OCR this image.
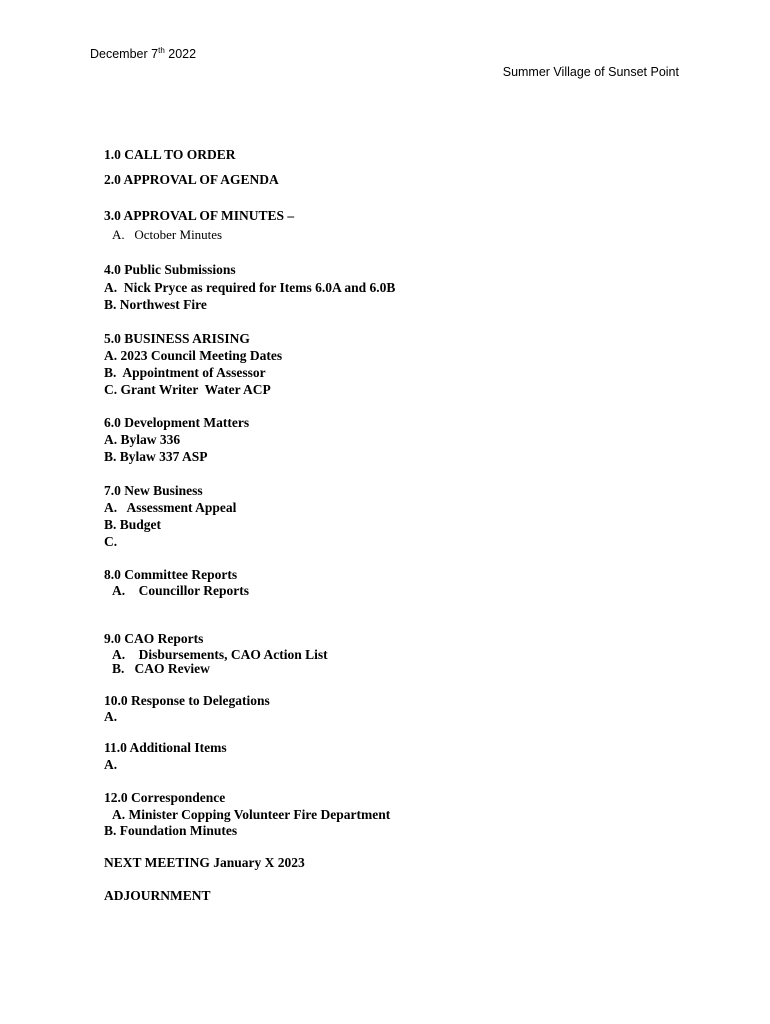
December 7th 2022
Summer Village of Sunset Point
1.0 CALL TO ORDER
2.0 APPROVAL OF AGENDA
3.0 APPROVAL OF MINUTES –
A.   October Minutes
4.0 Public Submissions
A.  Nick Pryce as required for Items 6.0A and 6.0B
B. Northwest Fire
5.0 BUSINESS ARISING
A. 2023 Council Meeting Dates
B.  Appointment of Assessor
C. Grant Writer  Water ACP
6.0 Development Matters
A. Bylaw 336
B. Bylaw 337 ASP
7.0 New Business
A.   Assessment Appeal
B. Budget
C.
8.0 Committee Reports
A.    Councillor Reports
9.0 CAO Reports
A.    Disbursements, CAO Action List
B.   CAO Review
10.0 Response to Delegations
A.
11.0 Additional Items
A.
12.0 Correspondence
A. Minister Copping Volunteer Fire Department
B. Foundation Minutes
NEXT MEETING January X 2023
ADJOURNMENT
